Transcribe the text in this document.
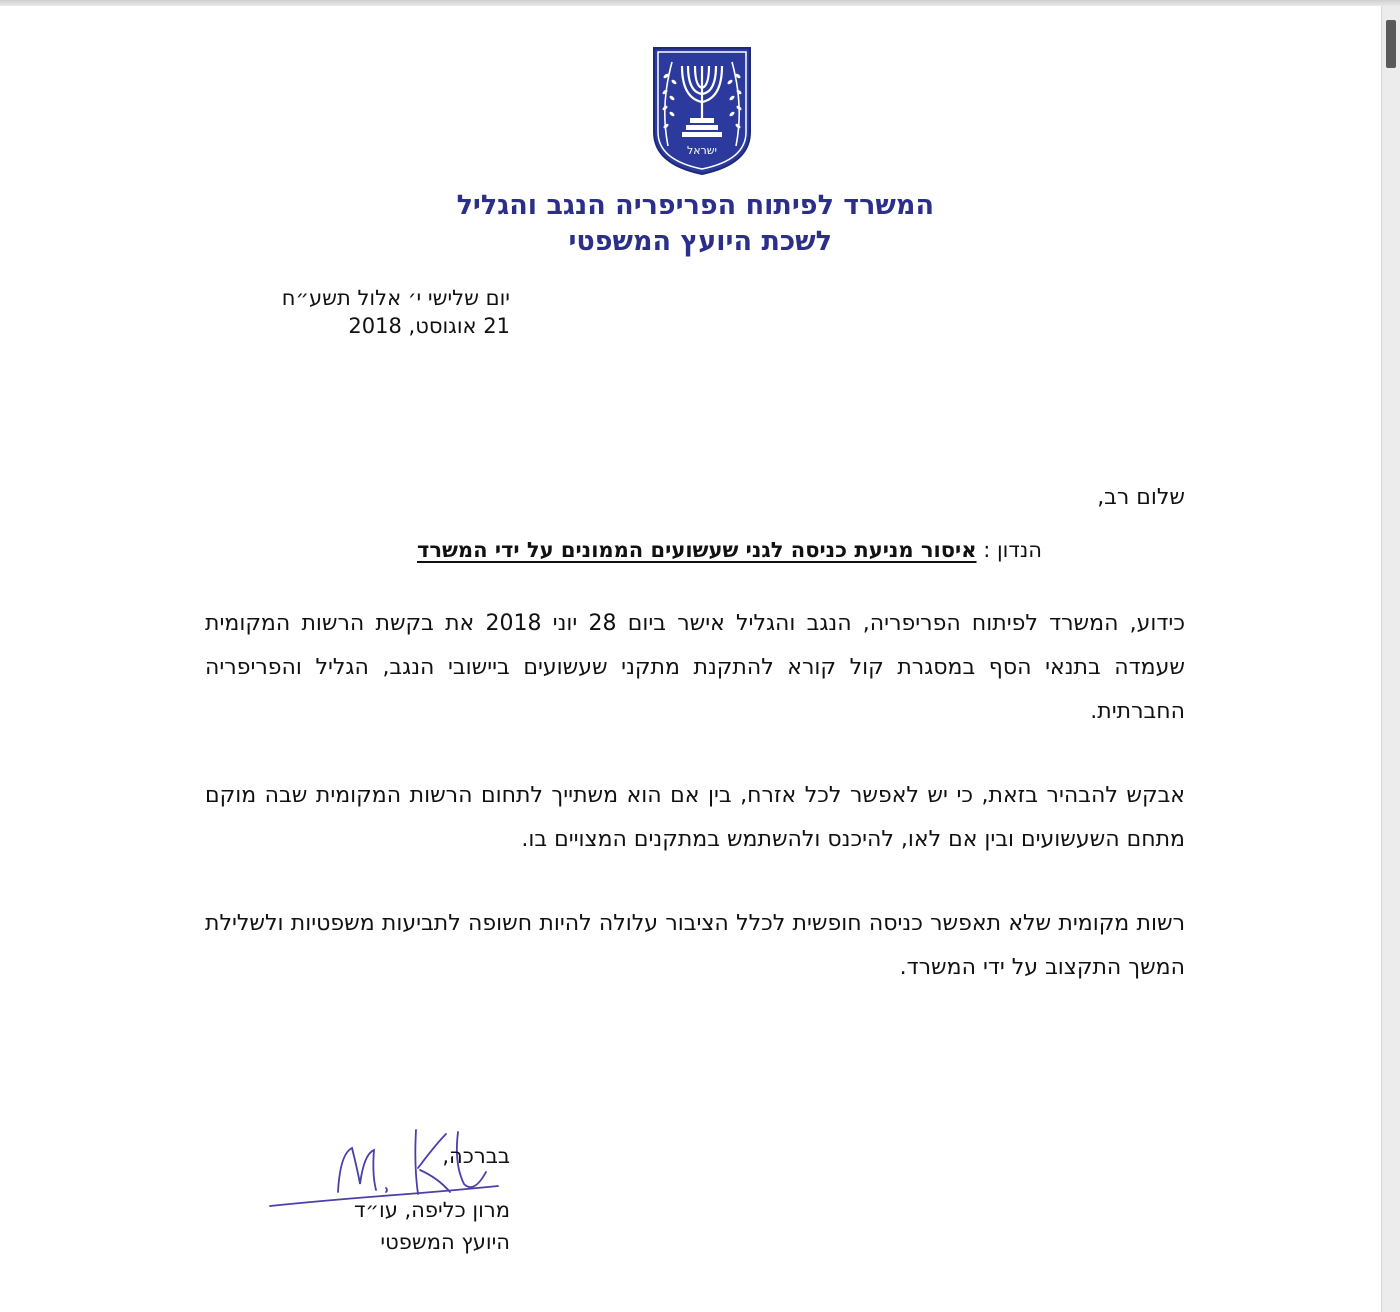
ישראל

המשרד לפיתוח הפריפריה הנגב והגליל

לשכת היועץ המשפטי

יום שלישי י׳ אלול תשע״ח

21 אוגוסט, 2018

שלום רב,

הנדון : איסור מניעת כניסה לגני שעשועים הממונים על ידי המשרד

כידוע, המשרד לפיתוח הפריפריה, הנגב והגליל אישר ביום 28 יוני 2018 את בקשת הרשות המקומית שעמדה בתנאי הסף במסגרת קול קורא להתקנת מתקני שעשועים ביישובי הנגב, הגליל והפריפריה החברתית.

אבקש להבהיר בזאת, כי יש לאפשר לכל אזרח, בין אם הוא משתייך לתחום הרשות המקומית שבה מוקם מתחם השעשועים ובין אם לאו, להיכנס ולהשתמש במתקנים המצויים בו.

רשות מקומית שלא תאפשר כניסה חופשית לכלל הציבור עלולה להיות חשופה לתביעות משפטיות ולשלילת המשך התקצוב על ידי המשרד.

בברכה,

מרון כליפה, עו״ד

היועץ המשפטי
